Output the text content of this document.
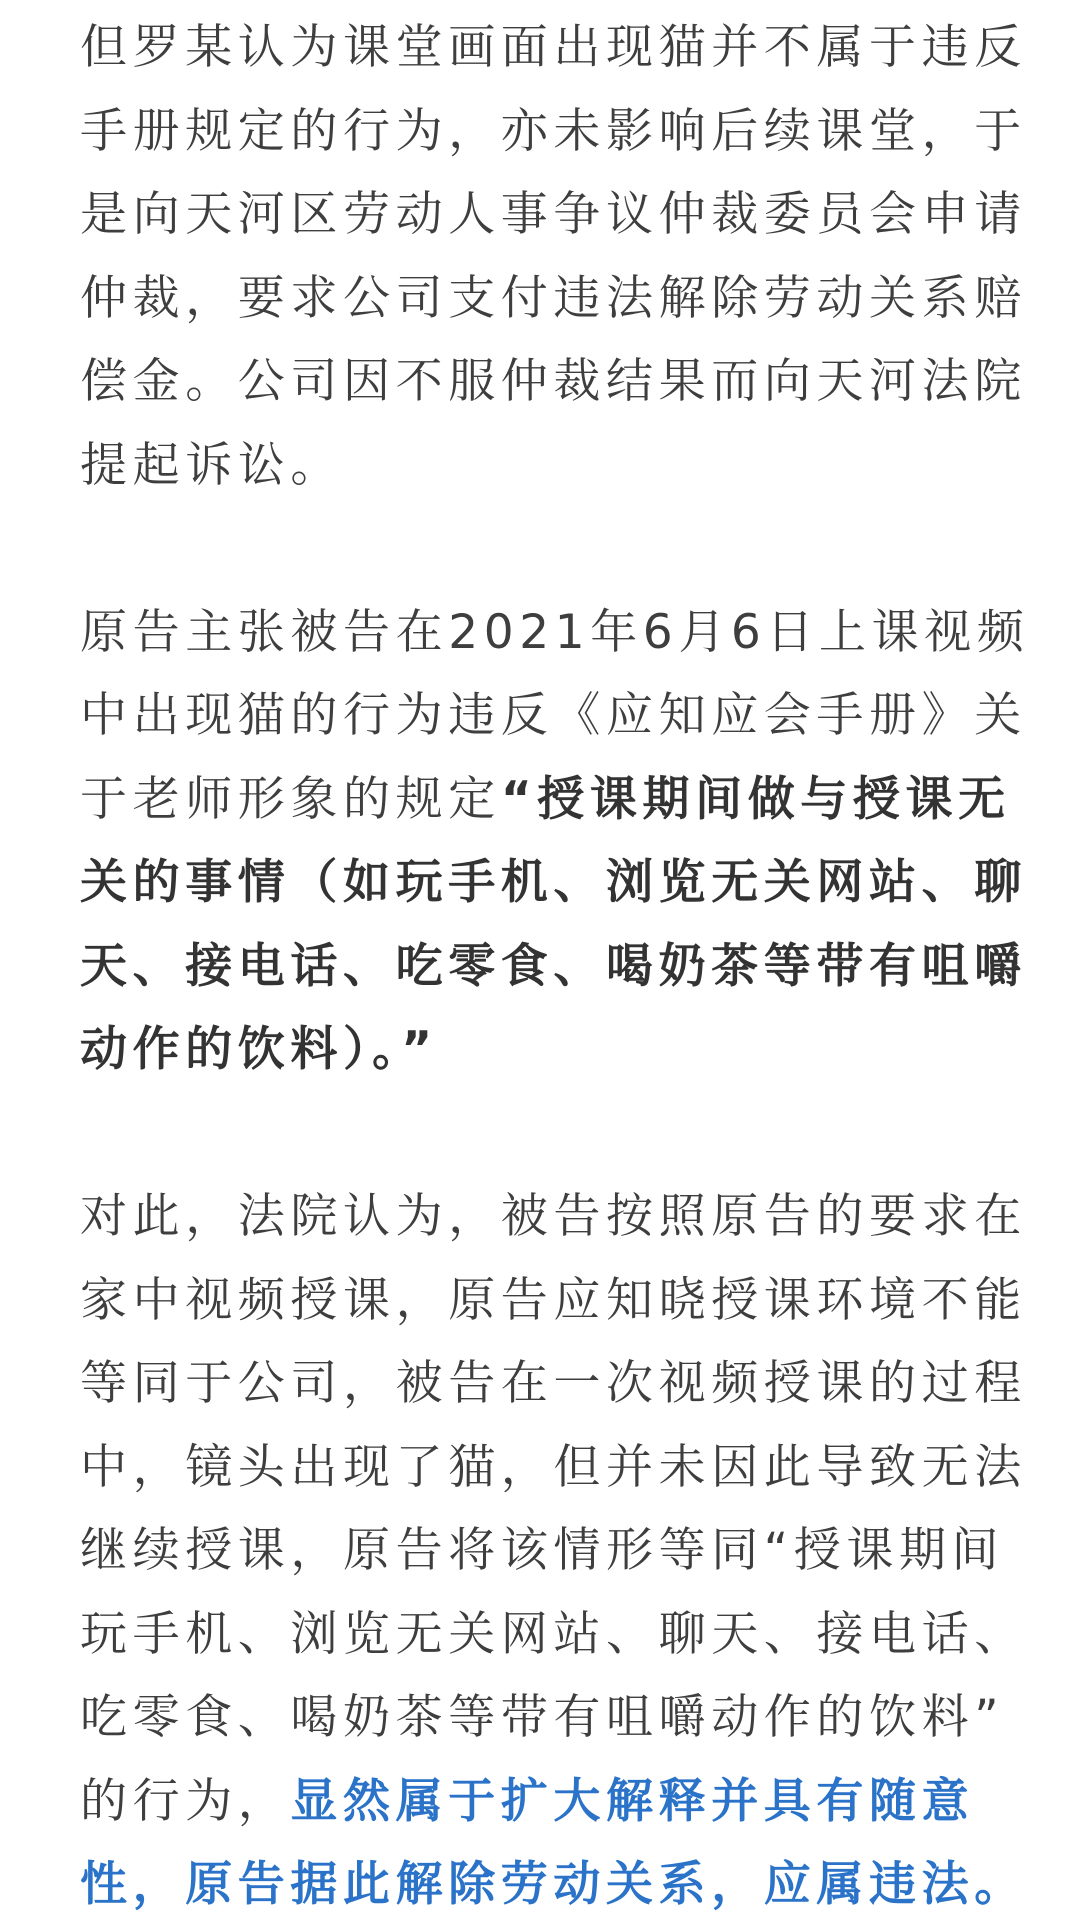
但罗某认为课堂画面出现猫并不属于违反
手册规定的行为，亦未影响后续课堂，于
是向天河区劳动人事争议仲裁委员会申请
仲裁，要求公司支付违法解除劳动关系赔
偿金。公司因不服仲裁结果而向天河法院
提起诉讼。

原告主张被告在2021年6月6日上课视频
中出现猫的行为违反《应知应会手册》关
于老师形象的规定“授课期间做与授课无
关的事情（如玩手机、浏览无关网站、聊
天、接电话、吃零食、喝奶茶等带有咀嚼
动作的饮料）。”

对此，法院认为，被告按照原告的要求在
家中视频授课，原告应知晓授课环境不能
等同于公司，被告在一次视频授课的过程
中，镜头出现了猫，但并未因此导致无法
继续授课，原告将该情形等同“授课期间
玩手机、浏览无关网站、聊天、接电话、
吃零食、喝奶茶等带有咀嚼动作的饮料”
的行为，显然属于扩大解释并具有随意
性，原告据此解除劳动关系，应属违法。
